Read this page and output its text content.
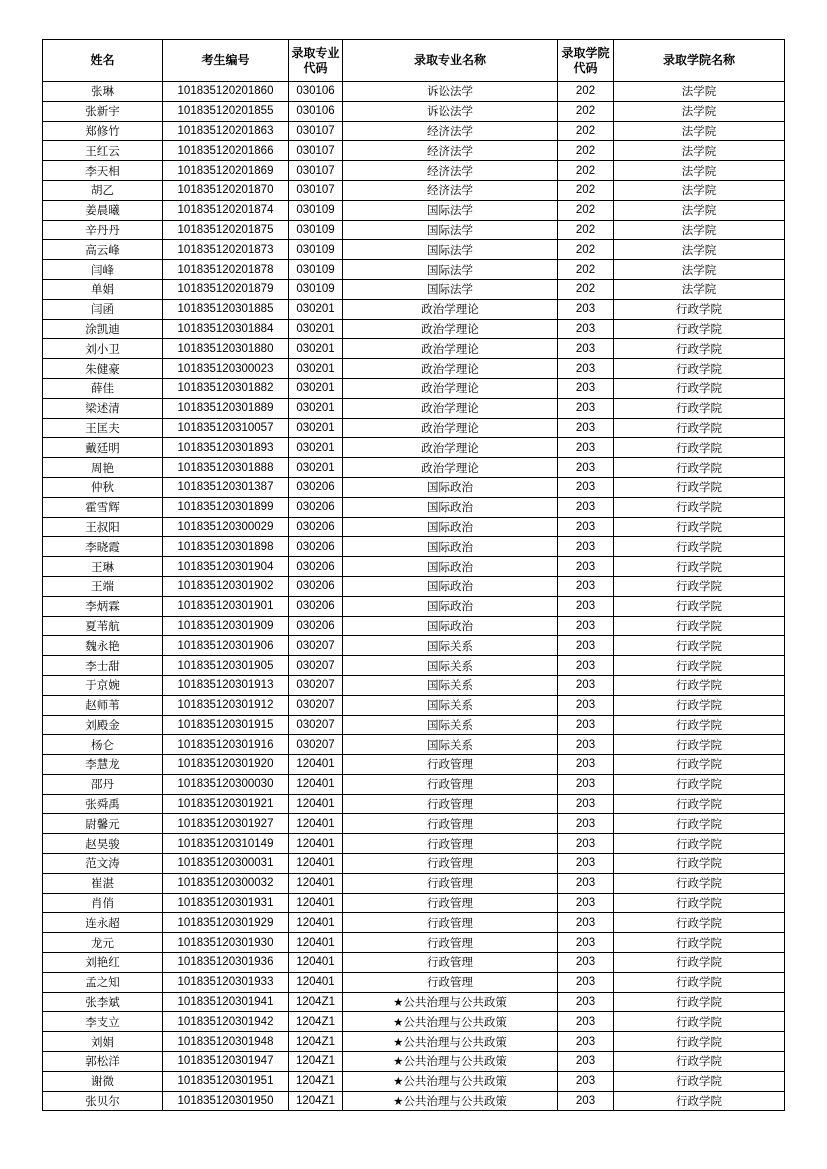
姓名	考生编号	录取专业代码	录取专业名称	录取学院代码	录取学院名称
张琳	101835120201860	030106	诉讼法学	202	法学院
张新宇	101835120201855	030106	诉讼法学	202	法学院
郑修竹	101835120201863	030107	经济法学	202	法学院
王红云	101835120201866	030107	经济法学	202	法学院
李天相	101835120201869	030107	经济法学	202	法学院
胡乙	101835120201870	030107	经济法学	202	法学院
姜晨曦	101835120201874	030109	国际法学	202	法学院
辛丹丹	101835120201875	030109	国际法学	202	法学院
高云峰	101835120201873	030109	国际法学	202	法学院
闫峰	101835120201878	030109	国际法学	202	法学院
单娟	101835120201879	030109	国际法学	202	法学院
闫函	101835120301885	030201	政治学理论	203	行政学院
涂凯迪	101835120301884	030201	政治学理论	203	行政学院
刘小卫	101835120301880	030201	政治学理论	203	行政学院
朱健豪	101835120300023	030201	政治学理论	203	行政学院
薛佳	101835120301882	030201	政治学理论	203	行政学院
梁述清	101835120301889	030201	政治学理论	203	行政学院
王匡夫	101835120310057	030201	政治学理论	203	行政学院
戴廷明	101835120301893	030201	政治学理论	203	行政学院
周艳	101835120301888	030201	政治学理论	203	行政学院
仲秋	101835120301387	030206	国际政治	203	行政学院
霍雪辉	101835120301899	030206	国际政治	203	行政学院
王叔阳	101835120300029	030206	国际政治	203	行政学院
李晓霞	101835120301898	030206	国际政治	203	行政学院
王琳	101835120301904	030206	国际政治	203	行政学院
王端	101835120301902	030206	国际政治	203	行政学院
李炳霖	101835120301901	030206	国际政治	203	行政学院
夏苇航	101835120301909	030206	国际政治	203	行政学院
魏永艳	101835120301906	030207	国际关系	203	行政学院
李士甜	101835120301905	030207	国际关系	203	行政学院
于京婉	101835120301913	030207	国际关系	203	行政学院
赵师苇	101835120301912	030207	国际关系	203	行政学院
刘殿金	101835120301915	030207	国际关系	203	行政学院
杨仑	101835120301916	030207	国际关系	203	行政学院
李慧龙	101835120301920	120401	行政管理	203	行政学院
邵丹	101835120300030	120401	行政管理	203	行政学院
张舜禹	101835120301921	120401	行政管理	203	行政学院
尉馨元	101835120301927	120401	行政管理	203	行政学院
赵昊骏	101835120310149	120401	行政管理	203	行政学院
范文涛	101835120300031	120401	行政管理	203	行政学院
崔湛	101835120300032	120401	行政管理	203	行政学院
肖俏	101835120301931	120401	行政管理	203	行政学院
连永超	101835120301929	120401	行政管理	203	行政学院
龙元	101835120301930	120401	行政管理	203	行政学院
刘艳红	101835120301936	120401	行政管理	203	行政学院
孟之知	101835120301933	120401	行政管理	203	行政学院
张李斌	101835120301941	1204Z1	★公共治理与公共政策	203	行政学院
李支立	101835120301942	1204Z1	★公共治理与公共政策	203	行政学院
刘娟	101835120301948	1204Z1	★公共治理与公共政策	203	行政学院
郭松洋	101835120301947	1204Z1	★公共治理与公共政策	203	行政学院
谢微	101835120301951	1204Z1	★公共治理与公共政策	203	行政学院
张贝尔	101835120301950	1204Z1	★公共治理与公共政策	203	行政学院
